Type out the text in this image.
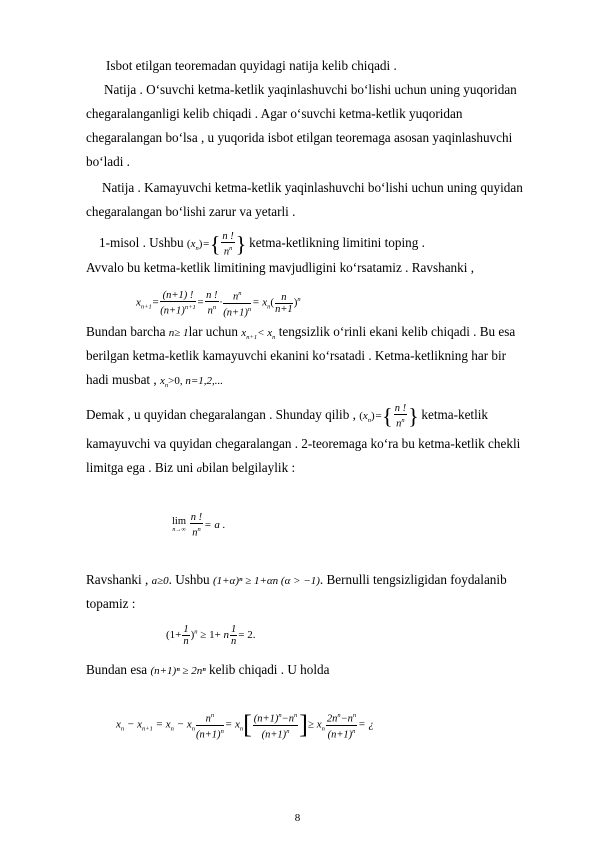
Isbot etilgan teoremadan quyidagi natija kelib chiqadi .
Natija . O‘suvchi ketma-ketlik yaqinlashuvchi bo‘lishi uchun uning yuqoridan
chegaralanganligi kelib chiqadi . Agar o‘suvchi ketma-ketlik yuqoridan
chegaralangan bo‘lsa , u yuqorida isbot etilgan teoremaga asosan yaqinlashuvchi
bo‘ladi .
Natija . Kamayuvchi ketma-ketlik yaqinlashuvchi bo‘lishi uchun uning quyidan
chegaralangan bo‘lishi zarur va yetarli .
1-misol . Ushbu $(x_n)=\{ \frac{n !}{n^n}$ } ketma-ketlikning limitini toping .
Avvalo bu ketma-ketlik limitining mavjudligini ko‘rsatamiz . Ravshanki ,
$x_{n+1}= \frac{(n+1) !}{(n+1)^{n+1}} = \frac{n !}{n^n} \cdot \frac{n^n}{(n+1)^n} = x_n( \frac{n}{n+1} )^n$
Bundan barcha n≥ 1lar uchun $x_{n+1}< x_n$ tengsizlik o‘rinli ekani kelib chiqadi . Bu esa
berilgan ketma-ketlik kamayuvchi ekanini ko‘rsatadi . Ketma-ketlikning har bir
hadi musbat , $x_n>0$, n=1,2,...
Demak , u quyidan chegaralangan . Shunday qilib , $(x_n)=\{ \frac{n !}{n^n}$ } ketma-ketlik
kamayuvchi va quyidan chegaralangan . 2-teoremaga ko‘ra bu ketma-ketlik chekli
limitga ega . Biz uni abilan belgilaylik :
lim
n→∞
$\frac{n !}{n^n} = a$ .
Ravshanki , a≥0. Ushbu (1+α)ⁿ ≥ 1+αn (α > −1). Bernulli tengsizligidan foydalanib
topamiz :
$(1+ \frac{1}{n} )^n \ge 1+ n \frac{1}{n} = 2$.
Bundan esa (n+1)ⁿ ≥ 2nⁿ kelib chiqadi . U holda
$x_n - x_{n+1} = x_n - x_n \frac{n^n}{(n+1)^n} = x_n[ \frac{(n+1)^n-n^n}{(n+1)^n}$ ]≥ $x_n \frac{2n^n-n^n}{(n+1)^n}$ = ¿
8
